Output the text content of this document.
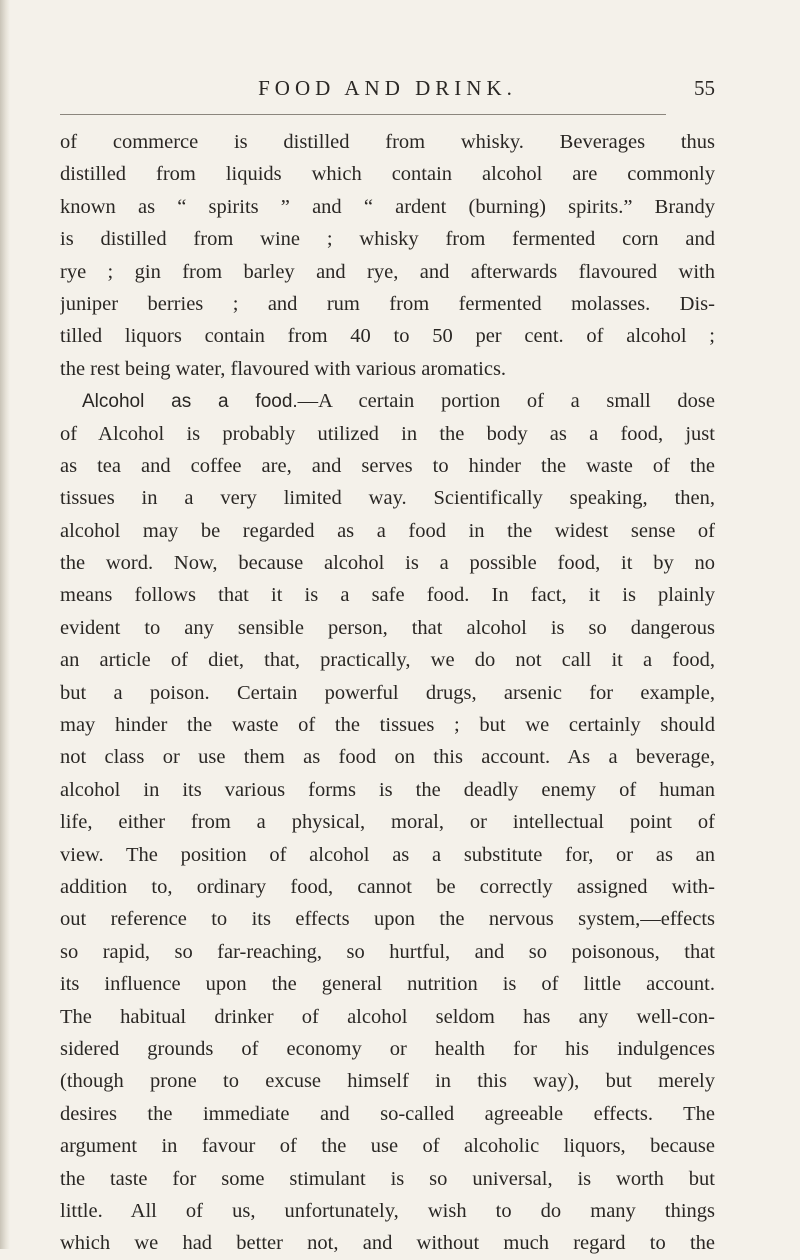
FOOD AND DRINK.	55
of commerce is distilled from whisky. Beverages thus
distilled from liquids which contain alcohol are commonly
known as “ spirits ” and “ ardent (burning) spirits.” Brandy
is distilled from wine ; whisky from fermented corn and
rye ; gin from barley and rye, and afterwards flavoured with
juniper berries ; and rum from fermented molasses. Dis-
tilled liquors contain from 40 to 50 per cent. of alcohol ;
the rest being water, flavoured with various aromatics.
Alcohol as a food.—A certain portion of a small dose
of Alcohol is probably utilized in the body as a food, just
as tea and coffee are, and serves to hinder the waste of the
tissues in a very limited way. Scientifically speaking, then,
alcohol may be regarded as a food in the widest sense of
the word. Now, because alcohol is a possible food, it by no
means follows that it is a safe food. In fact, it is plainly
evident to any sensible person, that alcohol is so dangerous
an article of diet, that, practically, we do not call it a food,
but a poison. Certain powerful drugs, arsenic for example,
may hinder the waste of the tissues ; but we certainly should
not class or use them as food on this account. As a beverage,
alcohol in its various forms is the deadly enemy of human
life, either from a physical, moral, or intellectual point of
view. The position of alcohol as a substitute for, or as an
addition to, ordinary food, cannot be correctly assigned with-
out reference to its effects upon the nervous system,—effects
so rapid, so far-reaching, so hurtful, and so poisonous, that
its influence upon the general nutrition is of little account.
The habitual drinker of alcohol seldom has any well-con-
sidered grounds of economy or health for his indulgences
(though prone to excuse himself in this way), but merely
desires the immediate and so-called agreeable effects. The
argument in favour of the use of alcoholic liquors, because
the taste for some stimulant is so universal, is worth but
little. All of us, unfortunately, wish to do many things
which we had better not, and without much regard to the
